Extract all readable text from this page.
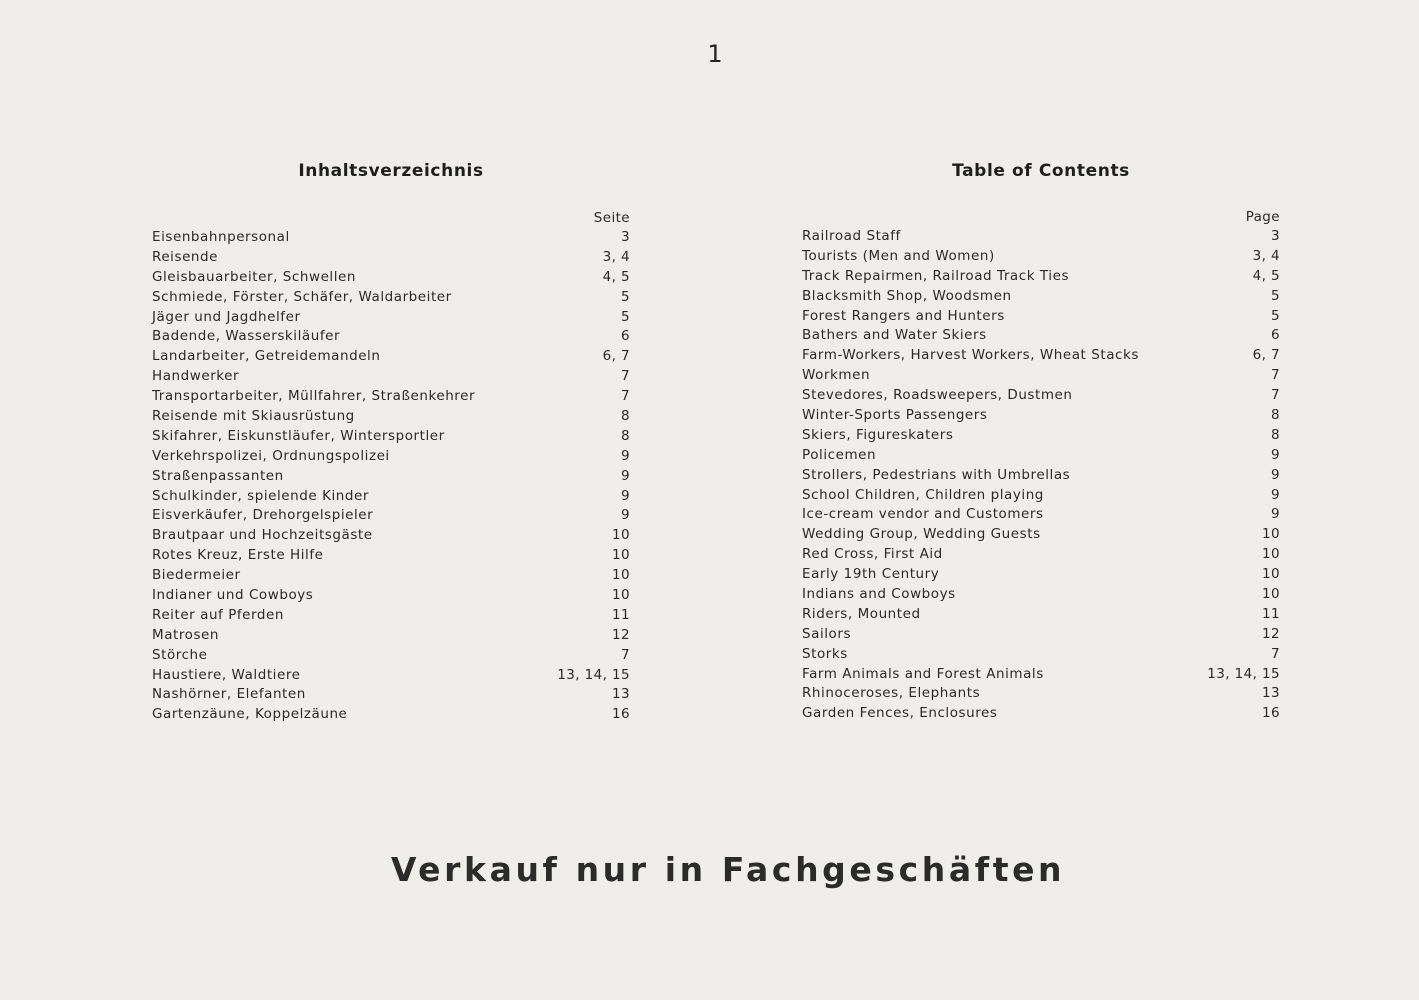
1
Inhaltsverzeichnis
Seite
Eisenbahnpersonal	3
Reisende	3, 4
Gleisbauarbeiter, Schwellen	4, 5
Schmiede, Förster, Schäfer, Waldarbeiter	5
Jäger und Jagdhelfer	5
Badende, Wasserskiläufer	6
Landarbeiter, Getreidemandeln	6, 7
Handwerker	7
Transportarbeiter, Müllfahrer, Straßenkehrer	7
Reisende mit Skiausrüstung	8
Skifahrer, Eiskunstläufer, Wintersportler	8
Verkehrspolizei, Ordnungspolizei	9
Straßenpassanten	9
Schulkinder, spielende Kinder	9
Eisverkäufer, Drehorgelspieler	9
Brautpaar und Hochzeitsgäste	10
Rotes Kreuz, Erste Hilfe	10
Biedermeier	10
Indianer und Cowboys	10
Reiter auf Pferden	11
Matrosen	12
Störche	7
Haustiere, Waldtiere	13, 14, 15
Nashörner, Elefanten	13
Gartenzäune, Koppelzäune	16
Table of Contents
Page
Railroad Staff	3
Tourists (Men and Women)	3, 4
Track Repairmen, Railroad Track Ties	4, 5
Blacksmith Shop, Woodsmen	5
Forest Rangers and Hunters	5
Bathers and Water Skiers	6
Farm-Workers, Harvest Workers, Wheat Stacks	6, 7
Workmen	7
Stevedores, Roadsweepers, Dustmen	7
Winter-Sports Passengers	8
Skiers, Figureskaters	8
Policemen	9
Strollers, Pedestrians with Umbrellas	9
School Children, Children playing	9
Ice-cream vendor and Customers	9
Wedding Group, Wedding Guests	10
Red Cross, First Aid	10
Early 19th Century	10
Indians and Cowboys	10
Riders, Mounted	11
Sailors	12
Storks	7
Farm Animals and Forest Animals	13, 14, 15
Rhinoceroses, Elephants	13
Garden Fences, Enclosures	16
Verkauf nur in Fachgeschäften
